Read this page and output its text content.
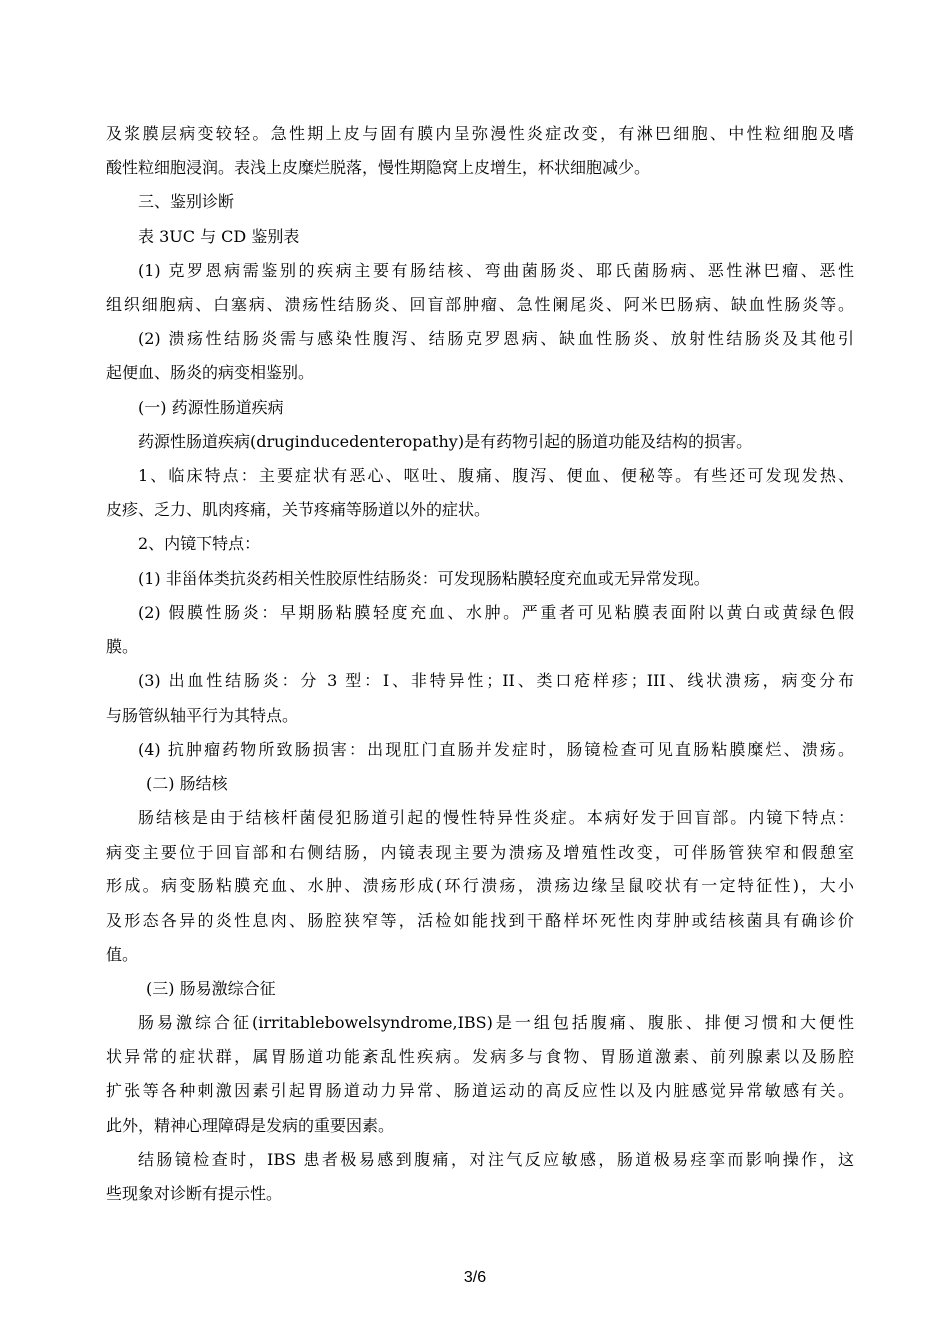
及浆膜层病变较轻。急性期上皮与固有膜内呈弥漫性炎症改变，有淋巴细胞、中性粒细胞及嗜
酸性粒细胞浸润。表浅上皮糜烂脱落，慢性期隐窝上皮增生，杯状细胞减少。
三、鉴别诊断
表 3UC 与 CD 鉴别表
(1) 克罗恩病需鉴别的疾病主要有肠结核、弯曲菌肠炎、耶氏菌肠病、恶性淋巴瘤、恶性
组织细胞病、白塞病、溃疡性结肠炎、回盲部肿瘤、急性阑尾炎、阿米巴肠病、缺血性肠炎等。
(2) 溃疡性结肠炎需与感染性腹泻、结肠克罗恩病、缺血性肠炎、放射性结肠炎及其他引
起便血、肠炎的病变相鉴别。
(一) 药源性肠道疾病
药源性肠道疾病(druginducedenteropathy)是有药物引起的肠道功能及结构的损害。
1、临床特点：主要症状有恶心、呕吐、腹痛、腹泻、便血、便秘等。有些还可发现发热、
皮疹、乏力、肌肉疼痛，关节疼痛等肠道以外的症状。
2、内镜下特点：
(1) 非甾体类抗炎药相关性胶原性结肠炎：可发现肠粘膜轻度充血或无异常发现。
(2) 假膜性肠炎：早期肠粘膜轻度充血、水肿。严重者可见粘膜表面附以黄白或黄绿色假
膜。
(3) 出血性结肠炎：分 3 型：I、非特异性；II、类口疮样疹；III、线状溃疡，病变分布
与肠管纵轴平行为其特点。
(4) 抗肿瘤药物所致肠损害：出现肛门直肠并发症时，肠镜检查可见直肠粘膜糜烂、溃疡。
(二) 肠结核
肠结核是由于结核杆菌侵犯肠道引起的慢性特异性炎症。本病好发于回盲部。内镜下特点：
病变主要位于回盲部和右侧结肠，内镜表现主要为溃疡及增殖性改变，可伴肠管狭窄和假憩室
形成。病变肠粘膜充血、水肿、溃疡形成(环行溃疡，溃疡边缘呈鼠咬状有一定特征性)，大小
及形态各异的炎性息肉、肠腔狭窄等，活检如能找到干酪样坏死性肉芽肿或结核菌具有确诊价
值。
(三) 肠易激综合征
肠易激综合征(irritablebowelsyndrome,IBS)是一组包括腹痛、腹胀、排便习惯和大便性
状异常的症状群，属胃肠道功能紊乱性疾病。发病多与食物、胃肠道激素、前列腺素以及肠腔
扩张等各种刺激因素引起胃肠道动力异常、肠道运动的高反应性以及内脏感觉异常敏感有关。
此外，精神心理障碍是发病的重要因素。
结肠镜检查时，IBS 患者极易感到腹痛，对注气反应敏感，肠道极易痉挛而影响操作，这
些现象对诊断有提示性。
3/6
